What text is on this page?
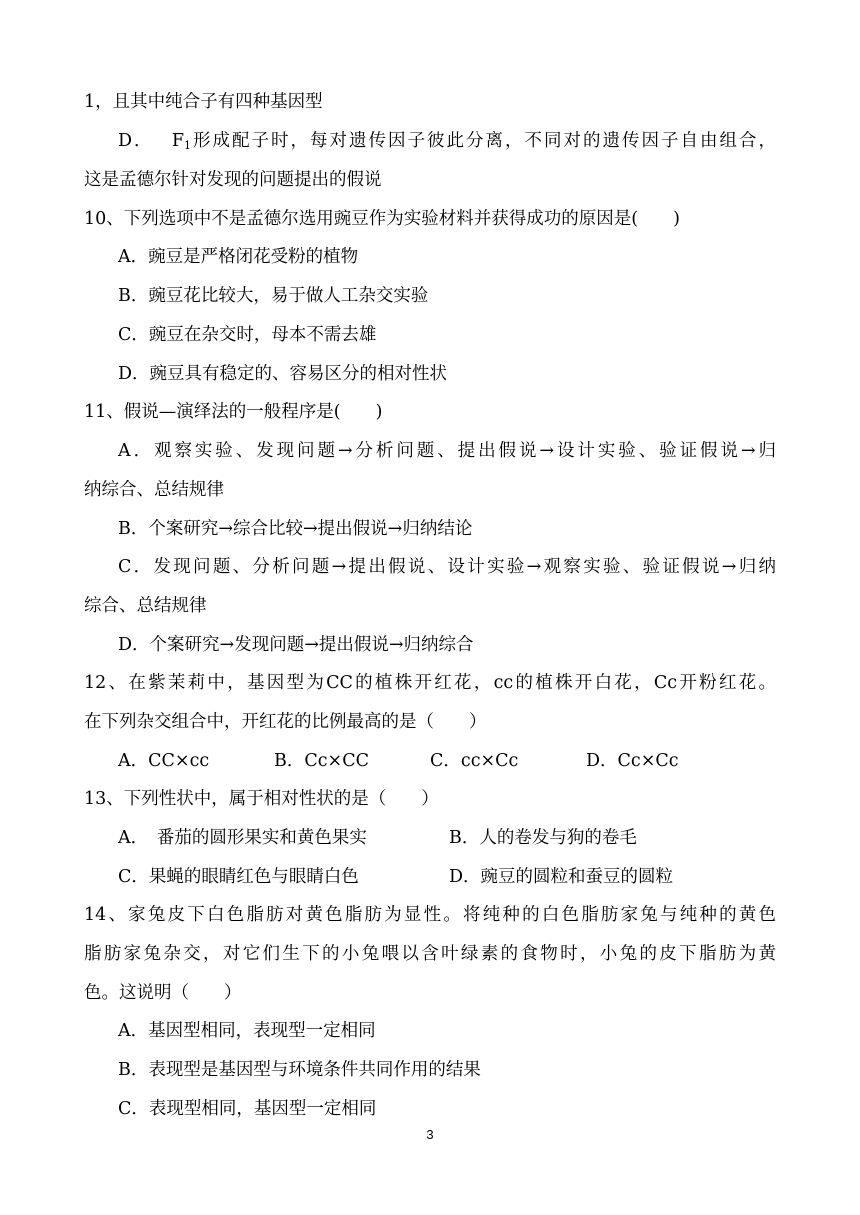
1，且其中纯合子有四种基因型
D．　 $F_1$形成配子时，每对遗传因子彼此分离，不同对的遗传因子自由组合，
这是孟德尔针对发现的问题提出的假说
10、下列选项中不是孟德尔选用豌豆作为实验材料并获得成功的原因是(　　)
A．豌豆是严格闭花受粉的植物
B．豌豆花比较大，易于做人工杂交实验
C．豌豆在杂交时，母本不需去雄
D．豌豆具有稳定的、容易区分的相对性状
11、假说—演绎法的一般程序是(　　)
A．观察实验、发现问题→分析问题、提出假说→设计实验、验证假说→归
纳综合、总结规律
B．个案研究→综合比较→提出假说→归纳结论
C．发现问题、分析问题→提出假说、设计实验→观察实验、验证假说→归纳
综合、总结规律
D．个案研究→发现问题→提出假说→归纳综合
12、在紫茉莉中，基因型为CC的植株开红花，cc的植株开白花，Cc开粉红花。
在下列杂交组合中，开红花的比例最高的是（　　）
A．CC×cc	B．Cc×CC	C．cc×Cc	D．Cc×Cc
13、下列性状中，属于相对性状的是（　　）
A．　番茄的圆形果实和黄色果实	B．人的卷发与狗的卷毛
C．果蝇的眼睛红色与眼睛白色	D．豌豆的圆粒和蚕豆的圆粒
14、家兔皮下白色脂肪对黄色脂肪为显性。将纯种的白色脂肪家兔与纯种的黄色
脂肪家兔杂交，对它们生下的小兔喂以含叶绿素的食物时，小兔的皮下脂肪为黄
色。这说明（　　）
A．基因型相同，表现型一定相同
B．表现型是基因型与环境条件共同作用的结果
C．表现型相同，基因型一定相同
3
